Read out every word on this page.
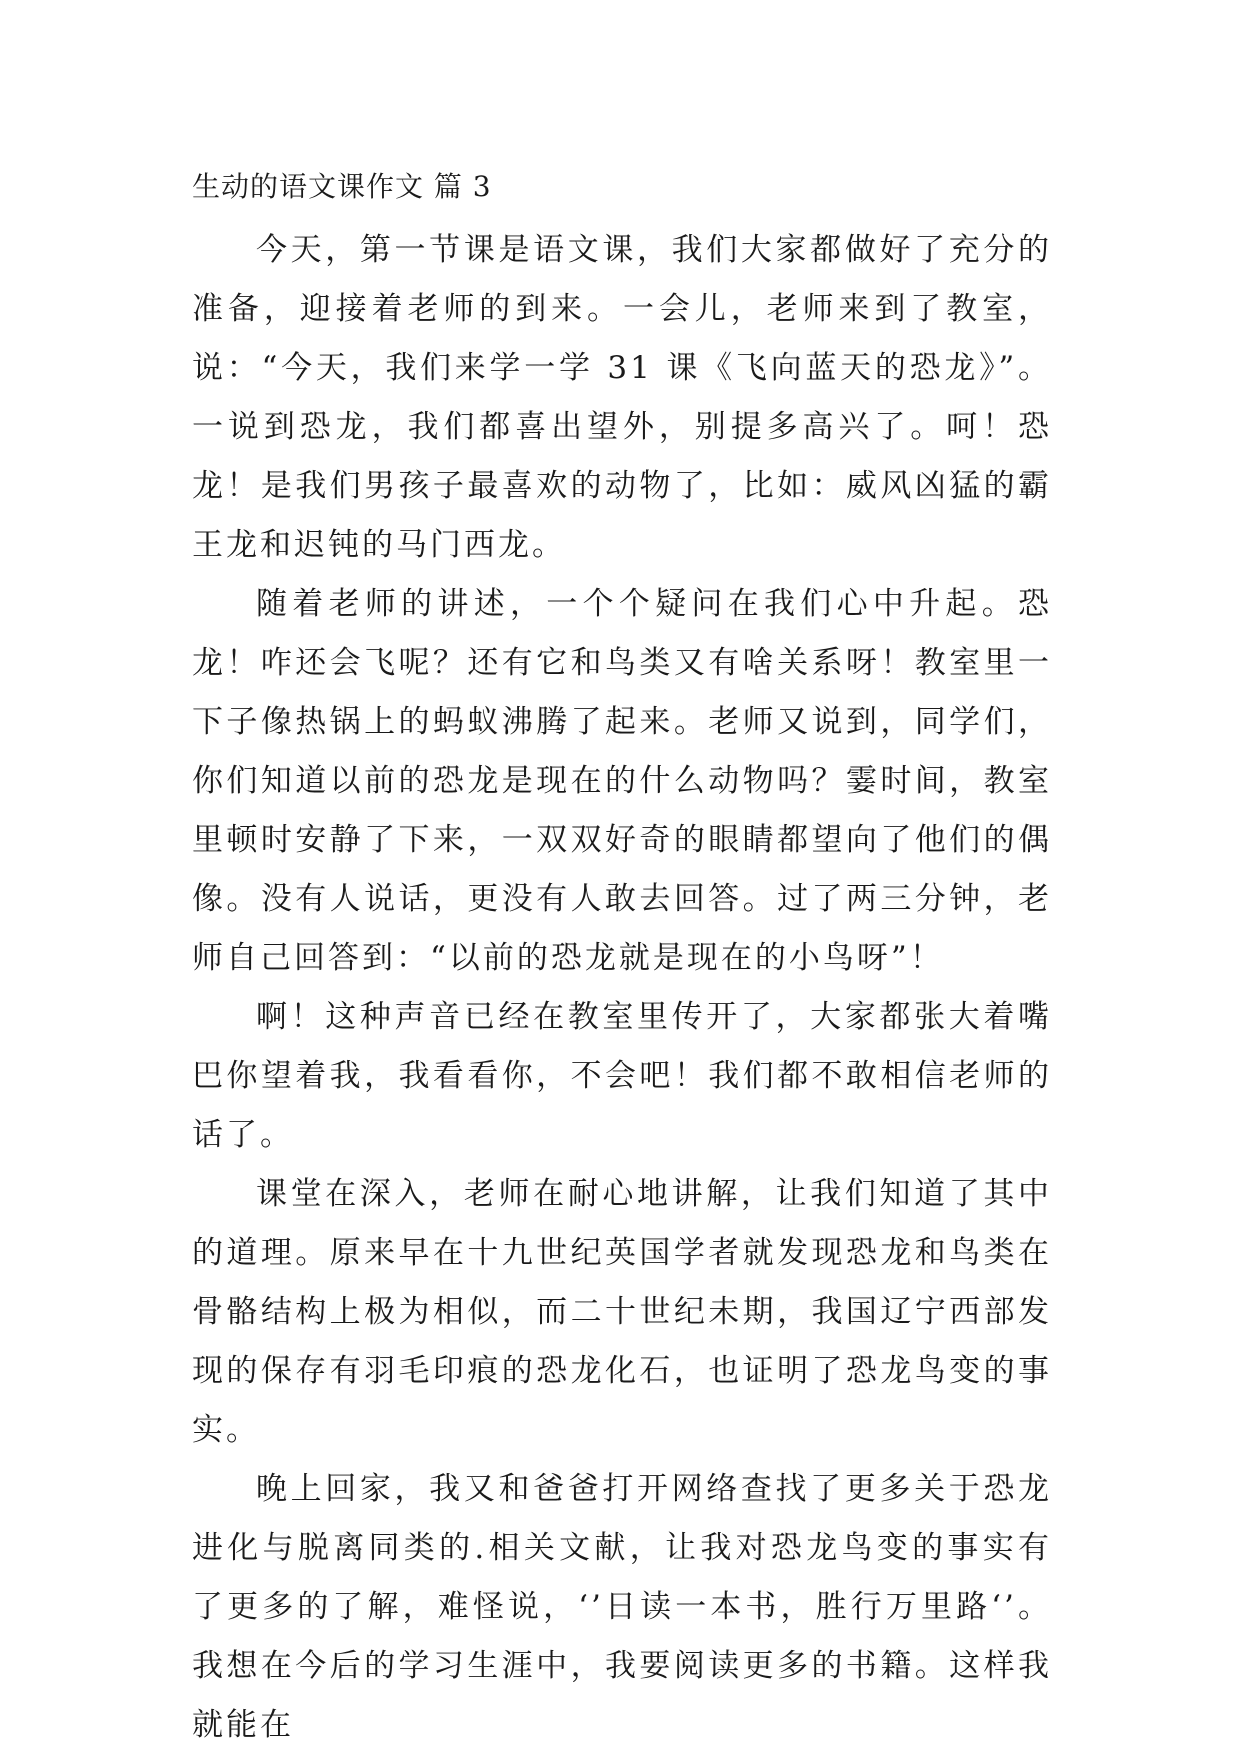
生动的语文课作文 篇 3

今天，第一节课是语文课，我们大家都做好了充分的准备，迎接着老师的到来。一会儿，老师来到了教室，说：“今天，我们来学一学 31 课《飞向蓝天的恐龙》”。一说到恐龙，我们都喜出望外，别提多高兴了。呵！恐龙！是我们男孩子最喜欢的动物了，比如：威风凶猛的霸王龙和迟钝的马门西龙。

随着老师的讲述，一个个疑问在我们心中升起。恐龙！咋还会飞呢？还有它和鸟类又有啥关系呀！教室里一下子像热锅上的蚂蚁沸腾了起来。老师又说到，同学们，你们知道以前的恐龙是现在的什么动物吗？霎时间，教室里顿时安静了下来，一双双好奇的眼睛都望向了他们的偶像。没有人说话，更没有人敢去回答。过了两三分钟，老师自己回答到：“以前的恐龙就是现在的小鸟呀”！

啊！这种声音已经在教室里传开了，大家都张大着嘴巴你望着我，我看看你，不会吧！我们都不敢相信老师的话了。

课堂在深入，老师在耐心地讲解，让我们知道了其中的道理。原来早在十九世纪英国学者就发现恐龙和鸟类在骨骼结构上极为相似，而二十世纪未期，我国辽宁西部发现的保存有羽毛印痕的恐龙化石，也证明了恐龙鸟变的事实。

晚上回家，我又和爸爸打开网络查找了更多关于恐龙进化与脱离同类的.相关文献，让我对恐龙鸟变的事实有了更多的了解，难怪说，‘’日读一本书，胜行万里路‘’。我想在今后的学习生涯中，我要阅读更多的书籍。这样我就能在
